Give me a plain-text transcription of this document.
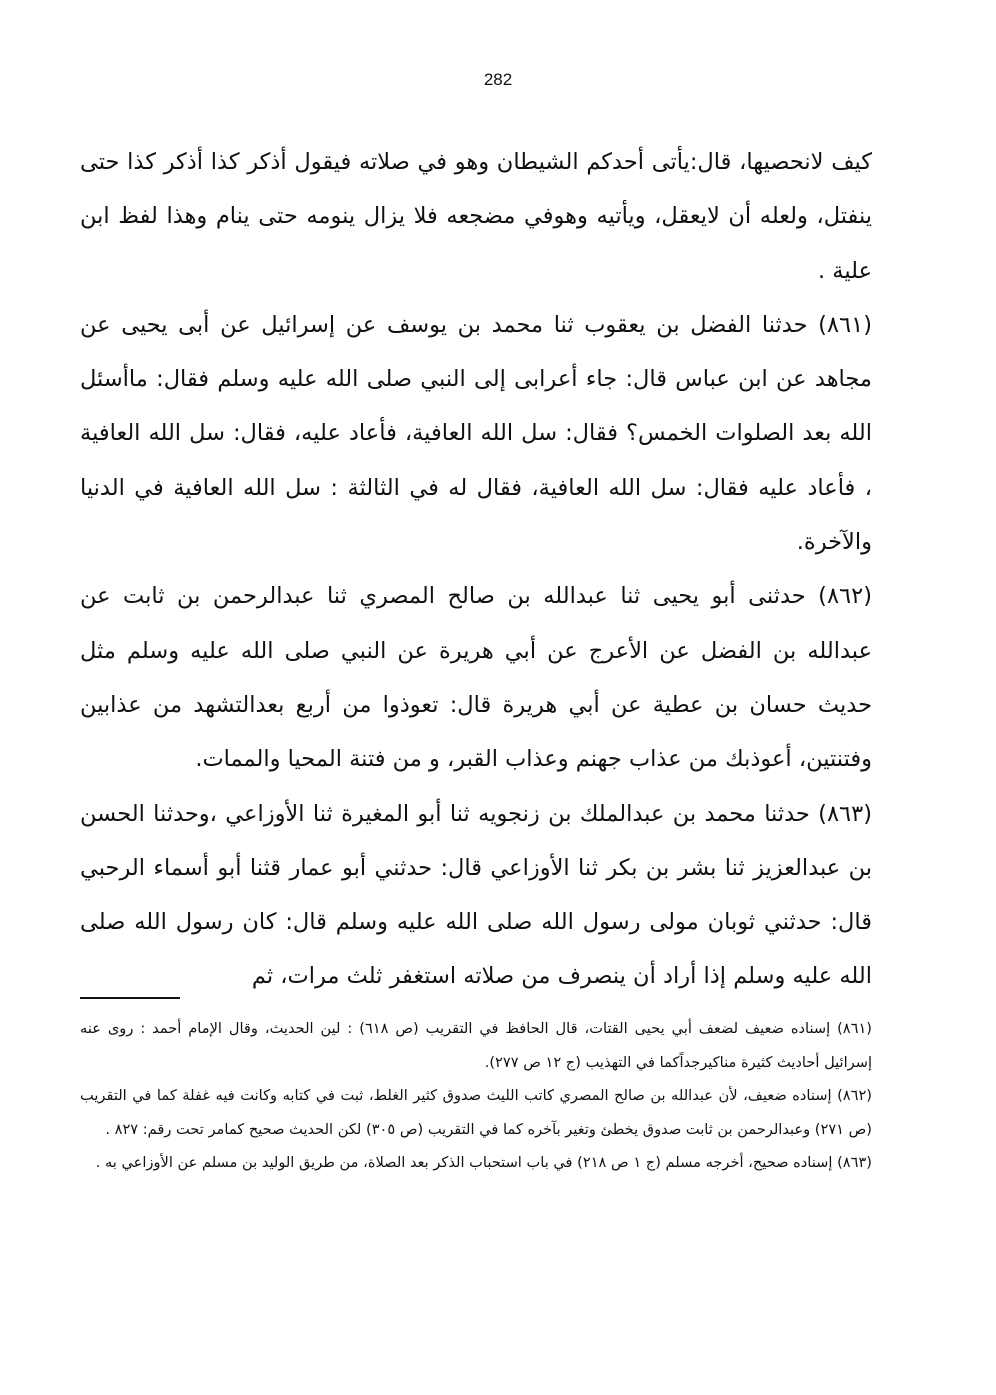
282

كيف لانحصيها، قال:يأتى أحدكم الشيطان وهو في صلاته فيقول أذكر كذا أذكر كذا حتى ينفتل، ولعله أن لايعقل، ويأتيه وهوفي مضجعه فلا يزال ينومه حتى ينام وهذا لفظ ابن علية .

(٨٦١) حدثنا الفضل بن يعقوب ثنا محمد بن يوسف عن إسرائيل عن أبى يحيى عن مجاهد عن ابن عباس قال: جاء أعرابى إلى النبي صلى الله عليه وسلم فقال: ماأسئل الله بعد الصلوات الخمس؟ فقال: سل الله العافية، فأعاد عليه، فقال: سل الله العافية ، فأعاد عليه فقال: سل الله العافية، فقال له في الثالثة : سل الله العافية في الدنيا والآخرة.

(٨٦٢) حدثنى أبو يحيى ثنا عبدالله بن صالح المصري ثنا عبدالرحمن بن ثابت عن عبدالله بن الفضل عن الأعرج عن أبي هريرة عن النبي صلى الله عليه وسلم مثل حديث حسان بن عطية عن أبي هريرة قال: تعوذوا من أربع بعدالتشهد من عذابين وفتنتين، أعوذبك من عذاب جهنم وعذاب القبر، و من فتنة المحيا والممات.

(٨٦٣) حدثنا محمد بن عبدالملك بن زنجويه ثنا أبو المغيرة ثنا الأوزاعي ،وحدثنا الحسن بن عبدالعزيز ثنا بشر بن بكر ثنا الأوزاعي قال: حدثني أبو عمار قثنا أبو أسماء الرحبي قال: حدثني ثوبان مولى رسول الله صلى الله عليه وسلم قال: كان رسول الله صلى الله عليه وسلم إذا أراد أن ينصرف من صلاته استغفر ثلث مرات، ثم

(٨٦١) إسناده ضعيف لضعف أبي يحيى القتات، قال الحافظ في التقريب (ص ٦١٨) : لين الحديث، وقال الإمام أحمد : روى عنه إسرائيل أحاديث كثيرة مناكيرجداًكما في التهذيب (ج ١٢ ص ٢٧٧).

(٨٦٢) إسناده ضعيف، لأن عبدالله بن صالح المصري كاتب الليث صدوق كثير الغلط، ثبت في كتابه وكانت فيه غفلة كما في التقريب (ص ٢٧١) وعبدالرحمن بن ثابت صدوق يخطئ وتغير بآخره كما في التقريب (ص ٣٠٥) لكن الحديث صحيح كمامر تحت رقم: ٨٢٧ .

(٨٦٣) إسناده صحيح، أخرجه مسلم (ج ١ ص ٢١٨) في باب استحباب الذكر بعد الصلاة، من طريق الوليد بن مسلم عن الأوزاعي به .
